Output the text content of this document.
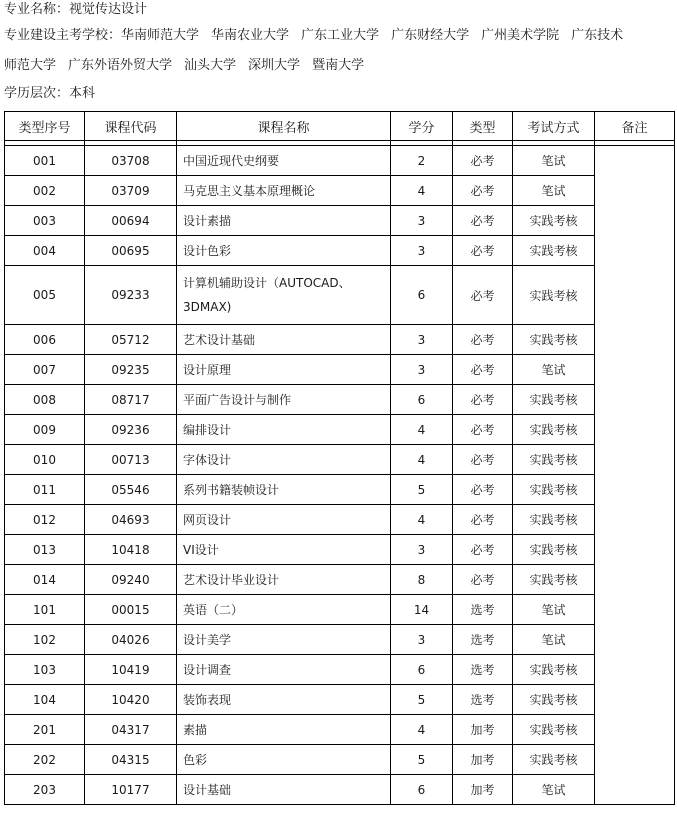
专业名称：视觉传达设计
专业建设主考学校：华南师范大学 华南农业大学 广东工业大学 广东财经大学 广州美术学院 广东技术
师范大学 广东外语外贸大学 汕头大学 深圳大学 暨南大学
学历层次：本科
类型序号	课程代码	课程名称	学分	类型	考试方式	备注

001	03708	中国近现代史纲要	2	必考	笔试	
002	03709	马克思主义基本原理概论	4	必考	笔试	
003	00694	设计素描	3	必考	实践考核	
004	00695	设计色彩	3	必考	实践考核	
005	09233	计算机辅助设计（AUTOCAD、3DMAX)	6	必考	实践考核	
006	05712	艺术设计基础	3	必考	实践考核	
007	09235	设计原理	3	必考	笔试	
008	08717	平面广告设计与制作	6	必考	实践考核	
009	09236	编排设计	4	必考	实践考核	
010	00713	字体设计	4	必考	实践考核	
011	05546	系列书籍装帧设计	5	必考	实践考核	
012	04693	网页设计	4	必考	实践考核	
013	10418	VI设计	3	必考	实践考核	
014	09240	艺术设计毕业设计	8	必考	实践考核	
101	00015	英语（二）	14	选考	笔试	
102	04026	设计美学	3	选考	笔试	
103	10419	设计调查	6	选考	实践考核	
104	10420	装饰表现	5	选考	实践考核	
201	04317	素描	4	加考	实践考核	
202	04315	色彩	5	加考	实践考核	
203	10177	设计基础	6	加考	笔试	
